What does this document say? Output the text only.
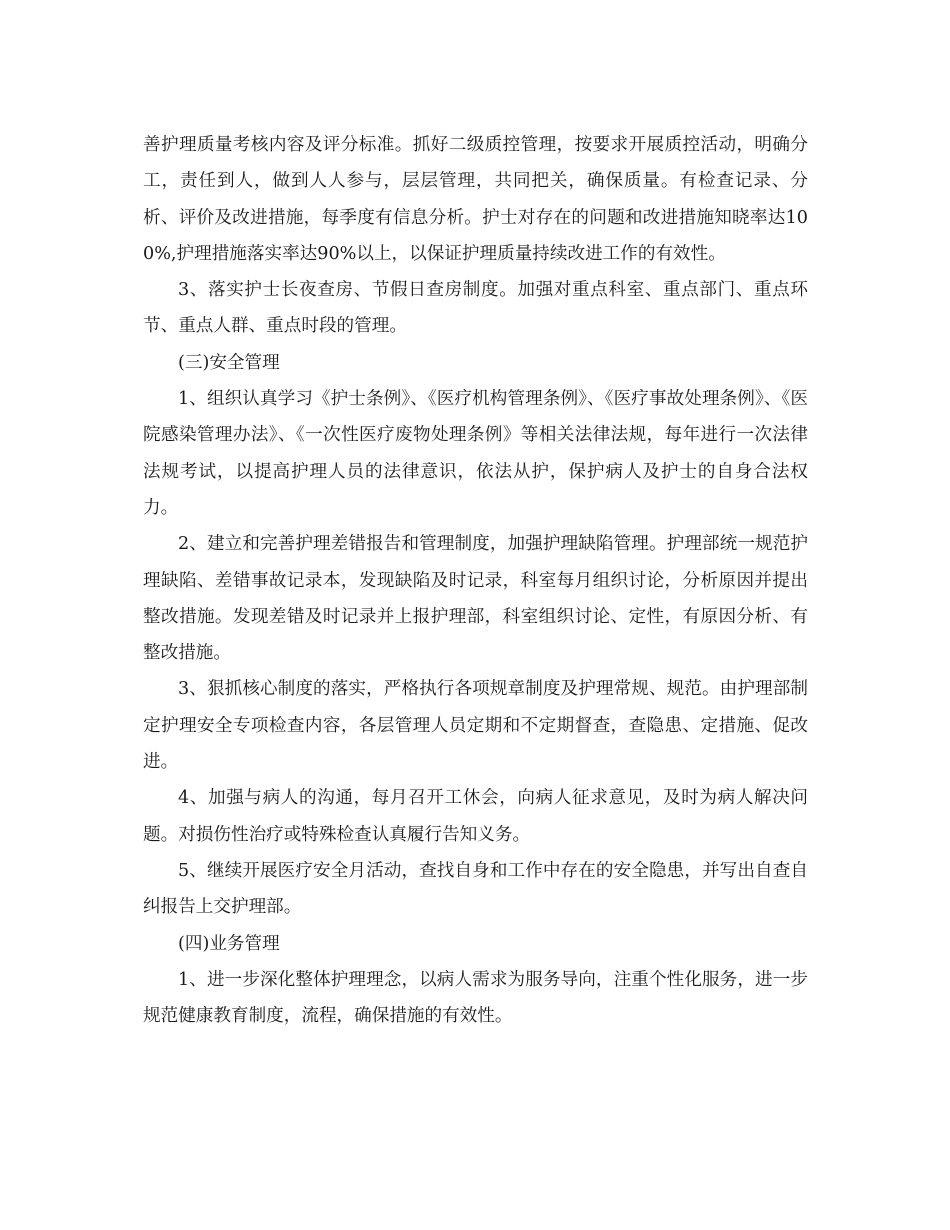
善护理质量考核内容及评分标准。抓好二级质控管理，按要求开展质控活动，明确分工，责任到人，做到人人参与，层层管理，共同把关，确保质量。有检查记录、分析、评价及改进措施，每季度有信息分析。护士对存在的问题和改进措施知晓率达100%,护理措施落实率达90%以上，以保证护理质量持续改进工作的有效性。

3、落实护士长夜查房、节假日查房制度。加强对重点科室、重点部门、重点环节、重点人群、重点时段的管理。

(三)安全管理

1、组织认真学习《护士条例》、《医疗机构管理条例》、《医疗事故处理条例》、《医院感染管理办法》、《一次性医疗废物处理条例》等相关法律法规，每年进行一次法律法规考试，以提高护理人员的法律意识，依法从护，保护病人及护士的自身合法权力。

2、建立和完善护理差错报告和管理制度，加强护理缺陷管理。护理部统一规范护理缺陷、差错事故记录本，发现缺陷及时记录，科室每月组织讨论，分析原因并提出整改措施。发现差错及时记录并上报护理部，科室组织讨论、定性，有原因分析、有整改措施。

3、狠抓核心制度的落实，严格执行各项规章制度及护理常规、规范。由护理部制定护理安全专项检查内容，各层管理人员定期和不定期督查，查隐患、定措施、促改进。

4、加强与病人的沟通，每月召开工休会，向病人征求意见，及时为病人解决问题。对损伤性治疗或特殊检查认真履行告知义务。

5、继续开展医疗安全月活动，查找自身和工作中存在的安全隐患，并写出自查自纠报告上交护理部。

(四)业务管理

1、进一步深化整体护理理念，以病人需求为服务导向，注重个性化服务，进一步规范健康教育制度，流程，确保措施的有效性。
